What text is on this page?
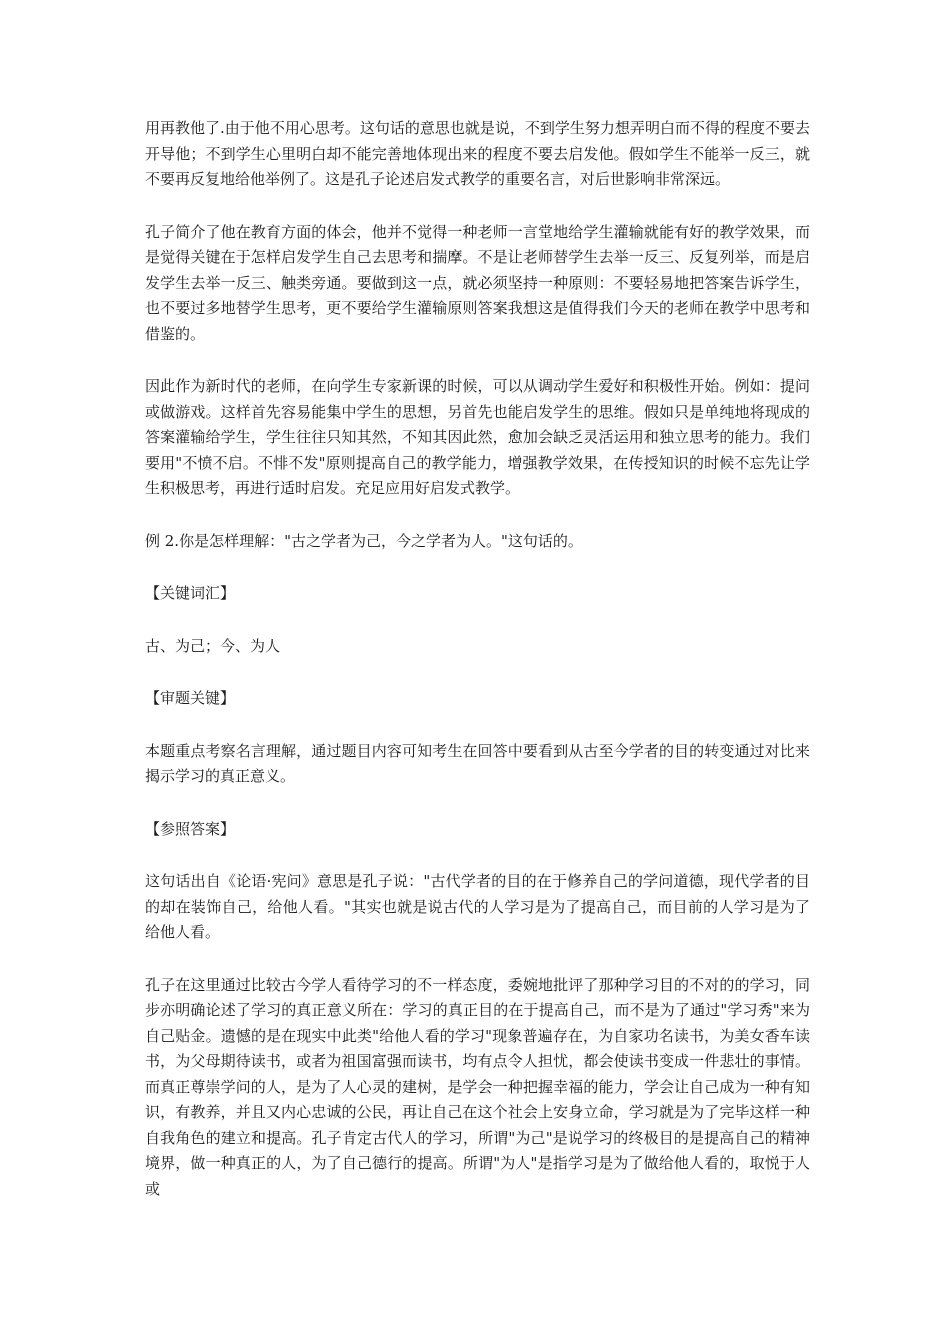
用再教他了.由于他不用心思考。这句话的意思也就是说，不到学生努力想弄明白而不得的程度不要去开导他；不到学生心里明白却不能完善地体现出来的程度不要去启发他。假如学生不能举一反三，就不要再反复地给他举例了。这是孔子论述启发式教学的重要名言，对后世影响非常深远。

孔子简介了他在教育方面的体会，他并不觉得一种老师一言堂地给学生灌输就能有好的教学效果，而是觉得关键在于怎样启发学生自己去思考和揣摩。不是让老师替学生去举一反三、反复列举，而是启发学生去举一反三、触类旁通。要做到这一点，就必须坚持一种原则：不要轻易地把答案告诉学生，也不要过多地替学生思考，更不要给学生灌输原则答案我想这是值得我们今天的老师在教学中思考和借鉴的。

因此作为新时代的老师，在向学生专家新课的时候，可以从调动学生爱好和积极性开始。例如：提问或做游戏。这样首先容易能集中学生的思想，另首先也能启发学生的思维。假如只是单纯地将现成的答案灌输给学生，学生往往只知其然，不知其因此然，愈加会缺乏灵活运用和独立思考的能力。我们要用"不愤不启。不悱不发"原则提高自己的教学能力，增强教学效果，在传授知识的时候不忘先让学生积极思考，再进行适时启发。充足应用好启发式教学。

例 2.你是怎样理解："古之学者为己，今之学者为人。"这句话的。

【关键词汇】

古、为己；今、为人

【审题关键】

本题重点考察名言理解，通过题目内容可知考生在回答中要看到从古至今学者的目的转变通过对比来揭示学习的真正意义。

【参照答案】

这句话出自《论语·宪问》意思是孔子说："古代学者的目的在于修养自己的学问道德，现代学者的目的却在装饰自己，给他人看。"其实也就是说古代的人学习是为了提高自己，而目前的人学习是为了给他人看。

孔子在这里通过比较古今学人看待学习的不一样态度，委婉地批评了那种学习目的不对的的学习，同步亦明确论述了学习的真正意义所在：学习的真正目的在于提高自己，而不是为了通过"学习秀"来为自己贴金。遗憾的是在现实中此类"给他人看的学习"现象普遍存在，为自家功名读书，为美女香车读书，为父母期待读书，或者为祖国富强而读书，均有点令人担忧，都会使读书变成一件悲壮的事情。而真正尊崇学问的人，是为了人心灵的建树，是学会一种把握幸福的能力，学会让自己成为一种有知识，有教养，并且又内心忠诚的公民，再让自己在这个社会上安身立命，学习就是为了完毕这样一种自我角色的建立和提高。孔子肯定古代人的学习，所谓"为己"是说学习的终极目的是提高自己的精神境界，做一种真正的人，为了自己德行的提高。所谓"为人"是指学习是为了做给他人看的，取悦于人或
